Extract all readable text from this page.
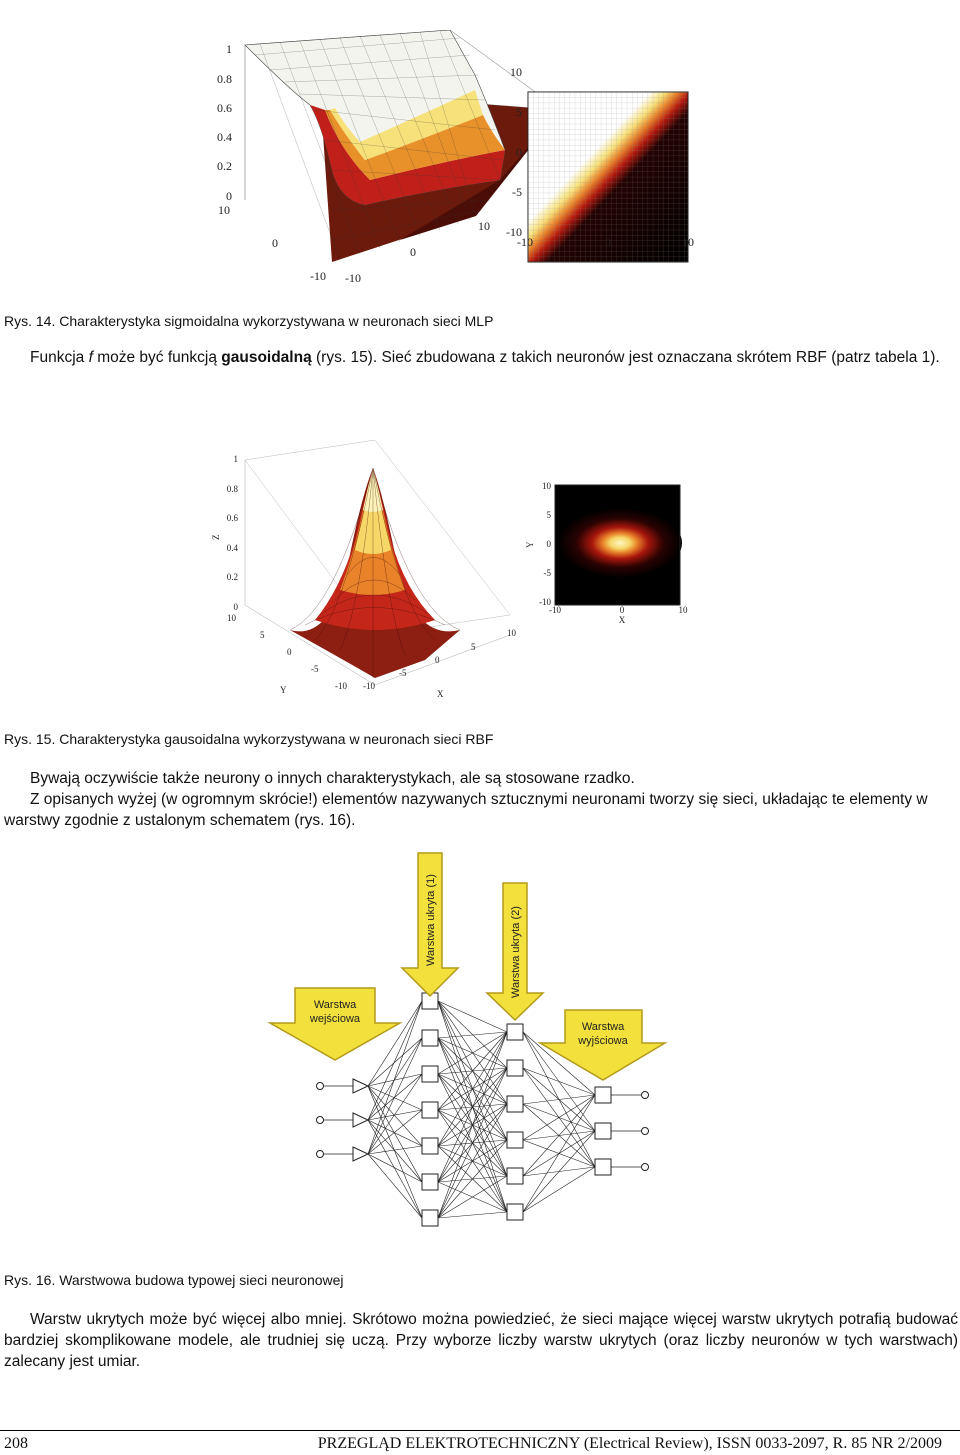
1
0.8
0.6
0.4
0.2
0
10
0
-10 -10
0
10
10
5
0
-5
-10
-10	0	10
Rys. 14. Charakterystyka sigmoidalna wykorzystywana w neuronach sieci MLP
Funkcja f może być funkcją gausoidalną (rys. 15). Sieć zbudowana z takich neuronów jest oznaczana skrótem RBF (patrz tabela 1).
1
0.8
0.6
0.4
0.2
0
Z
10
5
0
-5
-10
Y	-10
-5
0
5
10
X
10
5
0
-5
-10
Y
-10	0	10
X
Rys. 15. Charakterystyka gausoidalna wykorzystywana w neuronach sieci RBF
Bywają oczywiście także neurony o innych charakterystykach, ale są stosowane rzadko.
Z opisanych wyżej (w ogromnym skrócie!) elementów nazywanych sztucznymi neuronami tworzy się sieci, układając te elementy w warstwy zgodnie z ustalonym schematem (rys. 16).
Warstwa
wejściowa
Warstwa ukryta (1)	Warstwa ukryta (2)
Warstwa
wyjściowa
Rys. 16. Warstwowa budowa typowej sieci neuronowej
Warstw ukrytych może być więcej albo mniej. Skrótowo można powiedzieć, że sieci mające więcej warstw ukrytych potrafią budować bardziej skomplikowane modele, ale trudniej się uczą. Przy wyborze liczby warstw ukrytych (oraz liczby neuronów w tych warstwach) zalecany jest umiar.
208	PRZEGLĄD ELEKTROTECHNICZNY (Electrical Review), ISSN 0033-2097, R. 85 NR 2/2009
